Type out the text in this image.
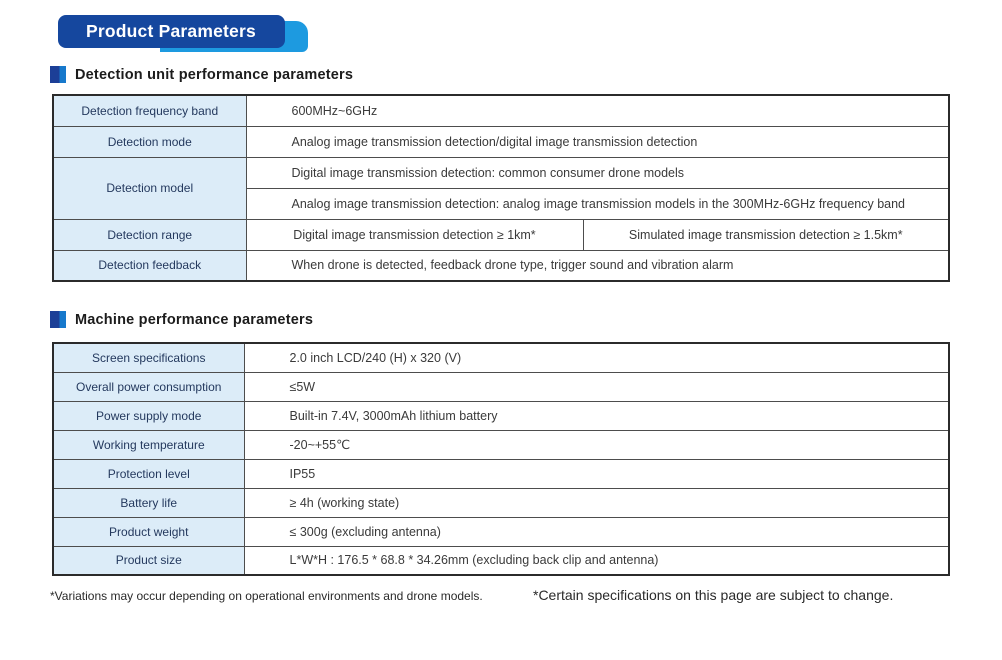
Product Parameters
Detection unit performance parameters
Detection frequency band	600MHz~6GHz	
Detection mode	Analog image transmission detection/digital image transmission detection	
Detection model	Digital image transmission detection: common consumer drone models	
	Analog image transmission detection: analog image transmission models in the 300MHz-6GHz frequency band	
Detection range	Digital image transmission detection ≥ 1km*	Simulated image transmission detection ≥ 1.5km*
Detection feedback	When drone is detected, feedback drone type, trigger sound and vibration alarm	
Machine performance parameters
Screen specifications	2.0 inch LCD/240 (H) x 320 (V)
Overall power consumption	≤5W
Power supply mode	Built-in 7.4V, 3000mAh lithium battery
Working temperature	-20~+55℃
Protection level	IP55
Battery life	≥ 4h (working state)
Product weight	≤ 300g (excluding antenna)
Product size	L*W*H : 176.5 * 68.8 * 34.26mm (excluding back clip and antenna)
*Variations may occur depending on operational environments and drone models.	*Certain specifications on this page are subject to change.
